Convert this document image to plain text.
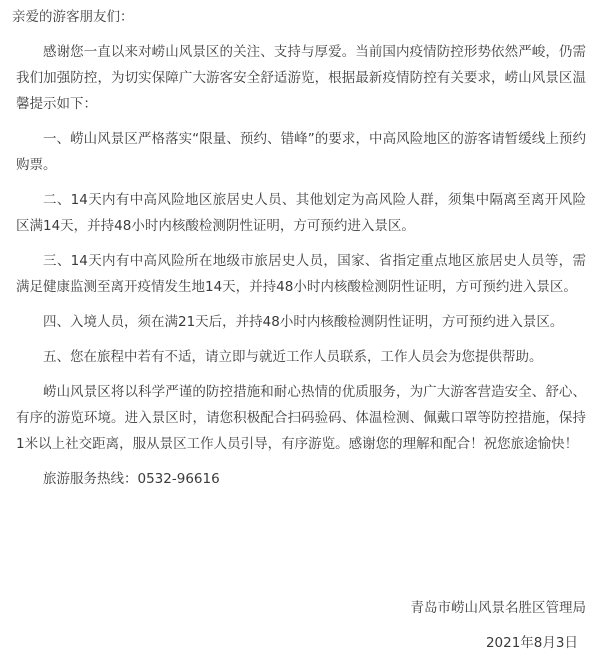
亲爱的游客朋友们：

感谢您一直以来对崂山风景区的关注、支持与厚爱。当前国内疫情防控形势依然严峻，仍需我们加强防控，为切实保障广大游客安全舒适游览，根据最新疫情防控有关要求，崂山风景区温馨提示如下：

一、崂山风景区严格落实“限量、预约、错峰”的要求，中高风险地区的游客请暂缓线上预约购票。

二、14天内有中高风险地区旅居史人员、其他划定为高风险人群，须集中隔离至离开风险区满14天，并持48小时内核酸检测阴性证明，方可预约进入景区。

三、14天内有中高风险所在地级市旅居史人员，国家、省指定重点地区旅居史人员等，需满足健康监测至离开疫情发生地14天，并持48小时内核酸检测阴性证明，方可预约进入景区。

四、入境人员，须在满21天后，并持48小时内核酸检测阴性证明，方可预约进入景区。

五、您在旅程中若有不适，请立即与就近工作人员联系，工作人员会为您提供帮助。

崂山风景区将以科学严谨的防控措施和耐心热情的优质服务，为广大游客营造安全、舒心、有序的游览环境。进入景区时，请您积极配合扫码验码、体温检测、佩戴口罩等防控措施，保持1米以上社交距离，服从景区工作人员引导，有序游览。感谢您的理解和配合！祝您旅途愉快！

旅游服务热线：0532-96616

青岛市崂山风景名胜区管理局

2021年8月3日
